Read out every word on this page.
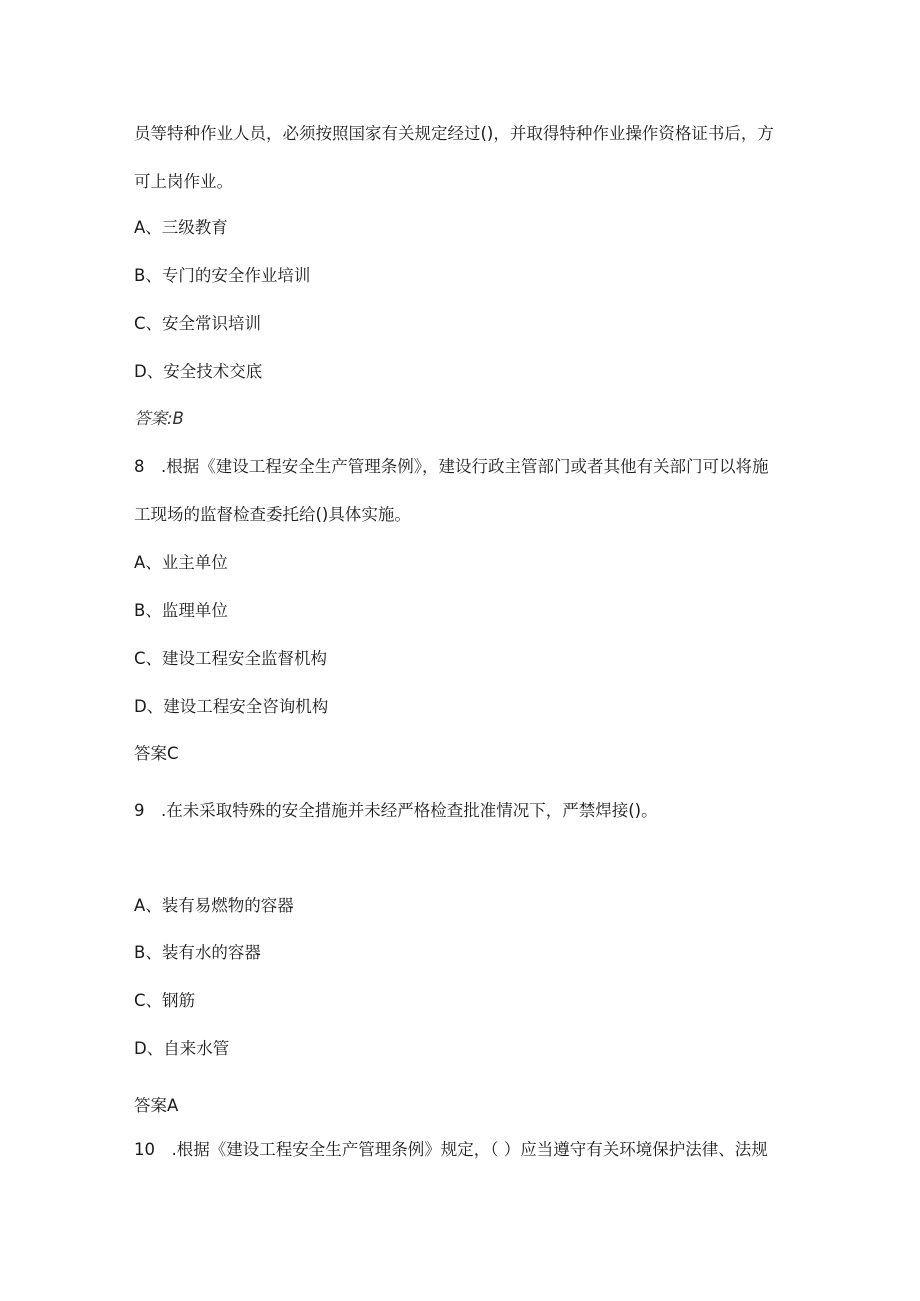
员等特种作业人员，必须按照国家有关规定经过()，并取得特种作业操作资格证书后，方
可上岗作业。
A、三级教育
B、专门的安全作业培训
C、安全常识培训
D、安全技术交底
答案:B
8　.根据《建设工程安全生产管理条例》，建设行政主管部门或者其他有关部门可以将施
工现场的监督检查委托给()具体实施。
A、业主单位
B、监理单位
C、建设工程安全监督机构
D、建设工程安全咨询机构
答案C
9　.在未采取特殊的安全措施并未经严格检查批准情况下，严禁焊接()。
A、装有易燃物的容器
B、装有水的容器
C、钢筋
D、自来水管
答案A
10　.根据《建设工程安全生产管理条例》规定，（ ）应当遵守有关环境保护法律、法规
